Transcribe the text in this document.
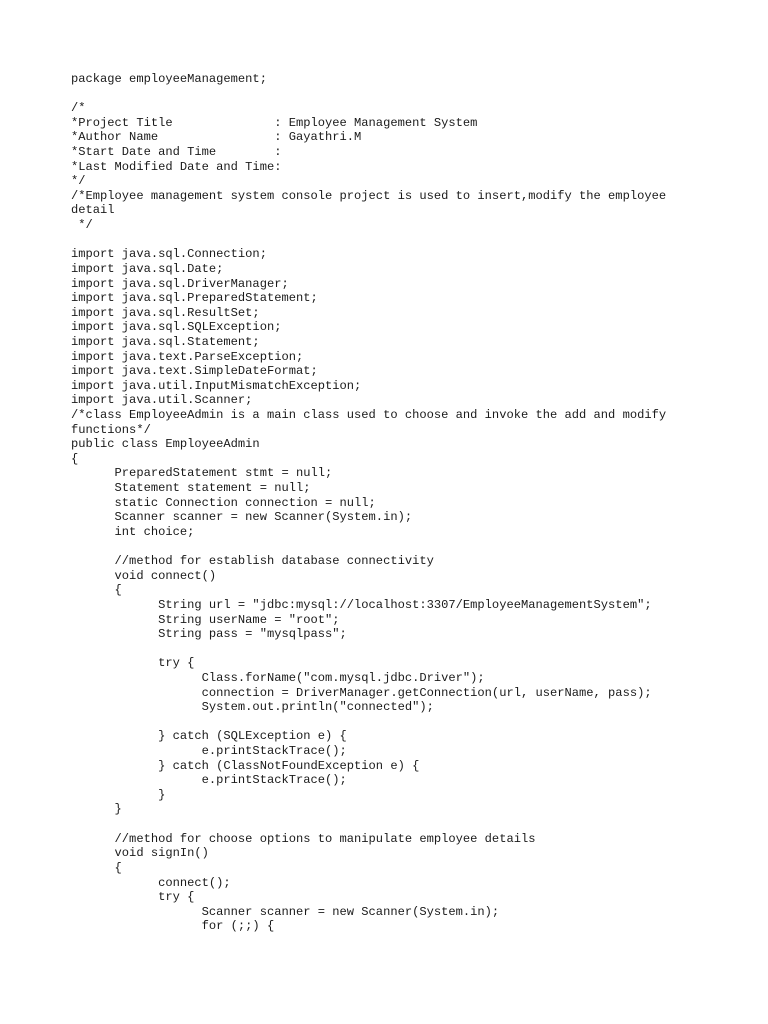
package employeeManagement;
/*
*Project Title              : Employee Management System
*Author Name                : Gayathri.M
*Start Date and Time        :
*Last Modified Date and Time:
*/
/*Employee management system console project is used to insert,modify the employee
detail
*/
import java.sql.Connection;
import java.sql.Date;
import java.sql.DriverManager;
import java.sql.PreparedStatement;
import java.sql.ResultSet;
import java.sql.SQLException;
import java.sql.Statement;
import java.text.ParseException;
import java.text.SimpleDateFormat;
import java.util.InputMismatchException;
import java.util.Scanner;
/*class EmployeeAdmin is a main class used to choose and invoke the add and modify
functions*/
public class EmployeeAdmin
{
PreparedStatement stmt = null;
Statement statement = null;
static Connection connection = null;
Scanner scanner = new Scanner(System.in);
int choice;
//method for establish database connectivity
void connect()
{
String url = "jdbc:mysql://localhost:3307/EmployeeManagementSystem";
String userName = "root";
String pass = "mysqlpass";
try {
Class.forName("com.mysql.jdbc.Driver");
connection = DriverManager.getConnection(url, userName, pass);
System.out.println("connected");
} catch (SQLException e) {
e.printStackTrace();
} catch (ClassNotFoundException e) {
e.printStackTrace();
}
}
//method for choose options to manipulate employee details
void signIn()
{
connect();
try {
Scanner scanner = new Scanner(System.in);
for (;;) {
